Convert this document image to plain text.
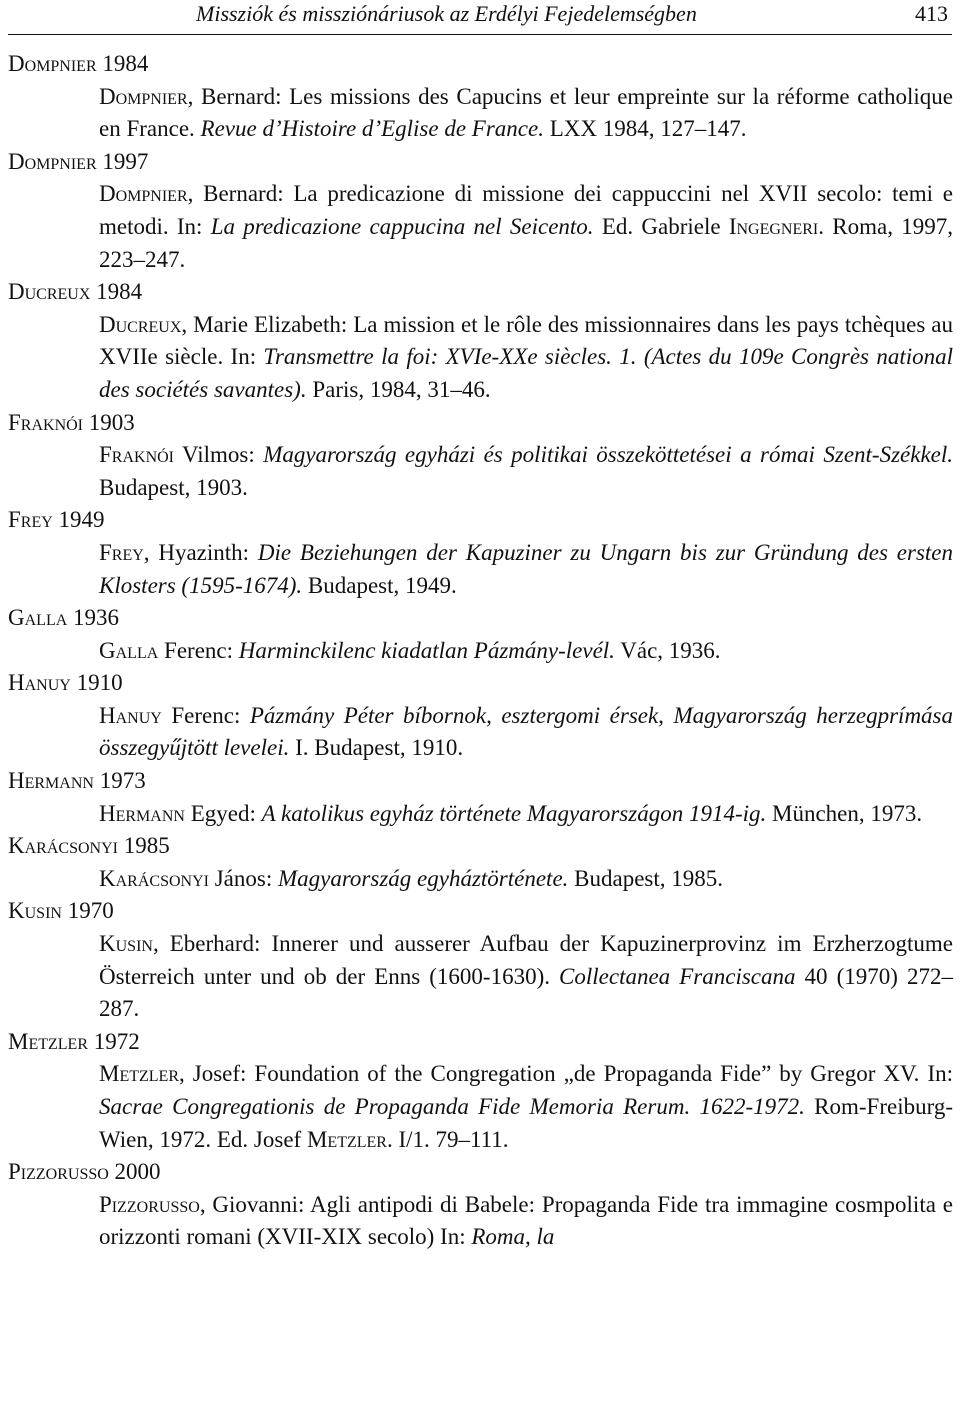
Missziók és missziónáriusok az Erdélyi Fejedelemségben	413

Dompnier 1984

Dompnier, Bernard: Les missions des Capucins et leur empreinte sur la réforme catholique en France. Revue d’Histoire d’Eglise de France. LXX 1984, 127–147.

Dompnier 1997

Dompnier, Bernard: La predicazione di missione dei cappuccini nel XVII secolo: temi e metodi. In: La predicazione cappucina nel Seicento. Ed. Gabriele Ingegneri. Roma, 1997, 223–247.

Ducreux 1984

Ducreux, Marie Elizabeth: La mission et le rôle des missionnaires dans les pays tchèques au XVIIe siècle. In: Transmettre la foi: XVIe-XXe siècles. 1. (Actes du 109e Congrès national des sociétés savantes). Paris, 1984, 31–46.

Fraknói 1903

Fraknói Vilmos: Magyarország egyházi és politikai összeköttetései a római Szent-Székkel. Budapest, 1903.

Frey 1949

Frey, Hyazinth: Die Beziehungen der Kapuziner zu Ungarn bis zur Gründung des ersten Klosters (1595-1674). Budapest, 1949.

Galla 1936

Galla Ferenc: Harminckilenc kiadatlan Pázmány-levél. Vác, 1936.

Hanuy 1910

Hanuy Ferenc: Pázmány Péter bíbornok, esztergomi érsek, Magyarország herzegprímása összegyűjtött levelei. I. Budapest, 1910.

Hermann 1973

Hermann Egyed: A katolikus egyház története Magyarországon 1914-ig. München, 1973.

Karácsonyi 1985

Karácsonyi János: Magyarország egyháztörténete. Budapest, 1985.

Kusin 1970

Kusin, Eberhard: Innerer und ausserer Aufbau der Kapuzinerprovinz im Erzherzogtume Österreich unter und ob der Enns (1600-1630). Collectanea Franciscana 40 (1970) 272–287.

Metzler 1972

Metzler, Josef: Foundation of the Congregation „de Propaganda Fide” by Gregor XV. In: Sacrae Congregationis de Propaganda Fide Memoria Rerum. 1622-1972. Rom-Freiburg-Wien, 1972. Ed. Josef Metzler. I/1. 79–111.

Pizzorusso 2000

Pizzorusso, Giovanni: Agli antipodi di Babele: Propaganda Fide tra immagine cosmpolita e orizzonti romani (XVII-XIX secolo) In: Roma, la
